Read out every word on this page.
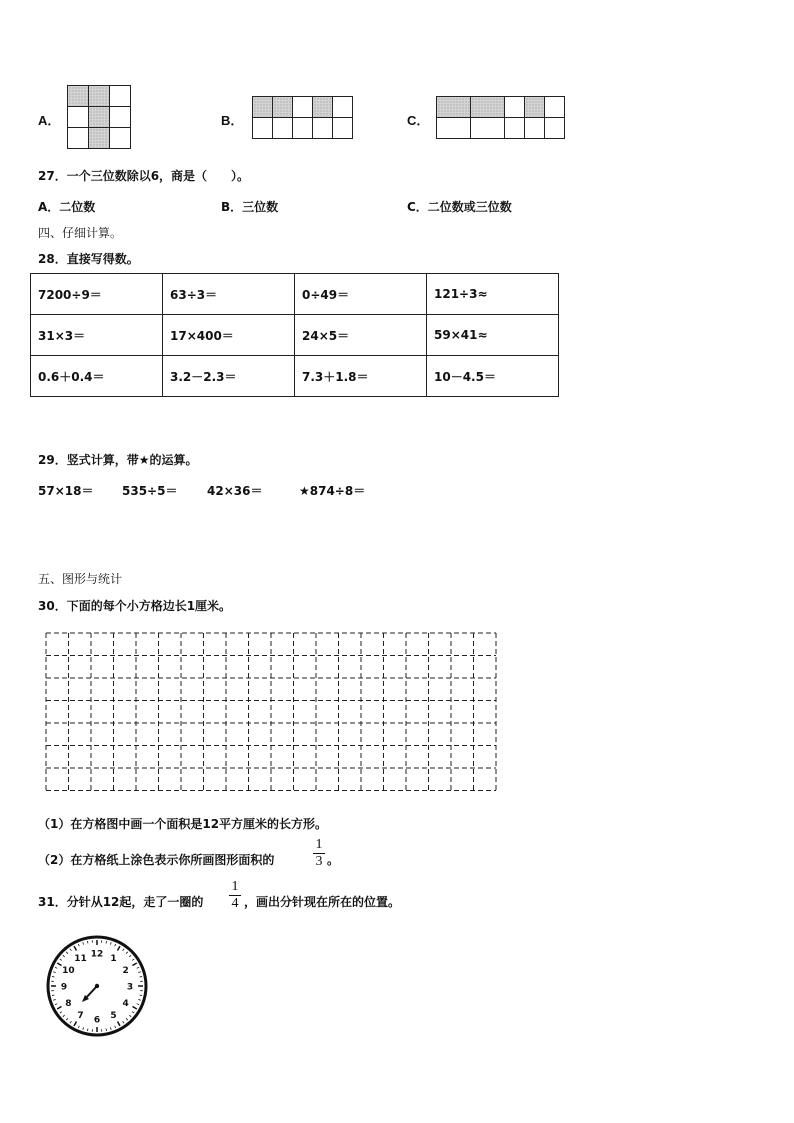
A．

			B．

					C．

27．一个三位数除以6，商是（　　）。
A．二位数	B．三位数	C．二位数或三位数
四、仔细计算。
28．直接写得数。
7200÷9＝	63÷3＝	0÷49＝	121÷3≈
31×3＝	17×400＝	24×5＝	59×41≈
0.6＋0.4＝	3.2－2.3＝	7.3＋1.8＝	10－4.5＝
29．竖式计算，带★的运算。
57×18＝ 535÷5＝ 42×36＝	★874÷8＝
五、图形与统计
30．下面的每个小方格边长1厘米。
（1）在方格图中画一个面积是12平方厘米的长方形。
（2）在方格纸上涂色表示你所画图形面积的
1
3 。
31．分针从12起，走了一圈的
1
4 ，画出分针现在所在的位置。
12 1
2
3
4
5
6
7
8
9
10
11
